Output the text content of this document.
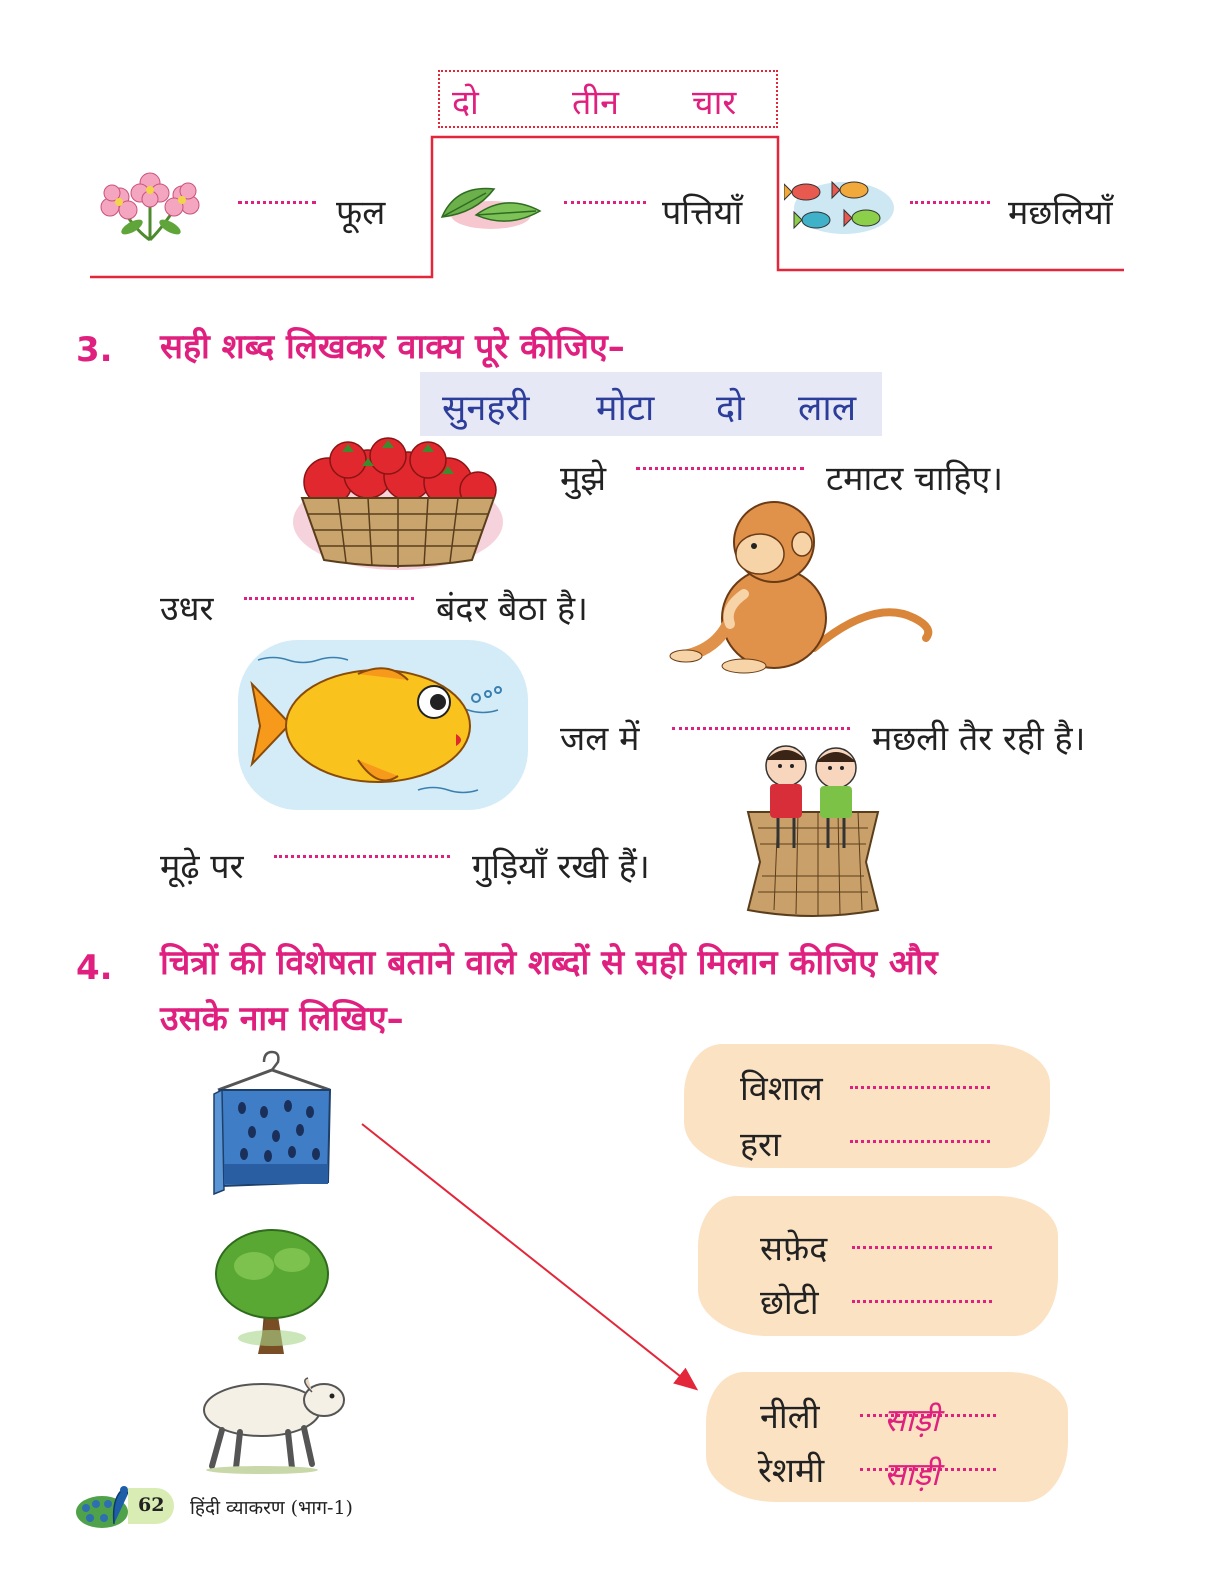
दो	तीन चार
फूल	पत्तियाँ	मछलियाँ
3. सही शब्द लिखकर वाक्य पूरे कीजिए–
सुनहरी मोटा दो लाल
मुझे	टमाटर चाहिए।
उधर	बंदर बैठा है।
जल में	मछली तैर रही है।
मूढ़े पर	गुड़ियाँ रखी हैं।
4. चित्रों की विशेषता बताने वाले शब्दों से सही मिलान कीजिए और
उसके नाम लिखिए–
विशाल
हरा
सफ़ेद
छोटी
नीली साड़ी
रेशमी साड़ी
62 हिंदी व्याकरण (भाग-1)
